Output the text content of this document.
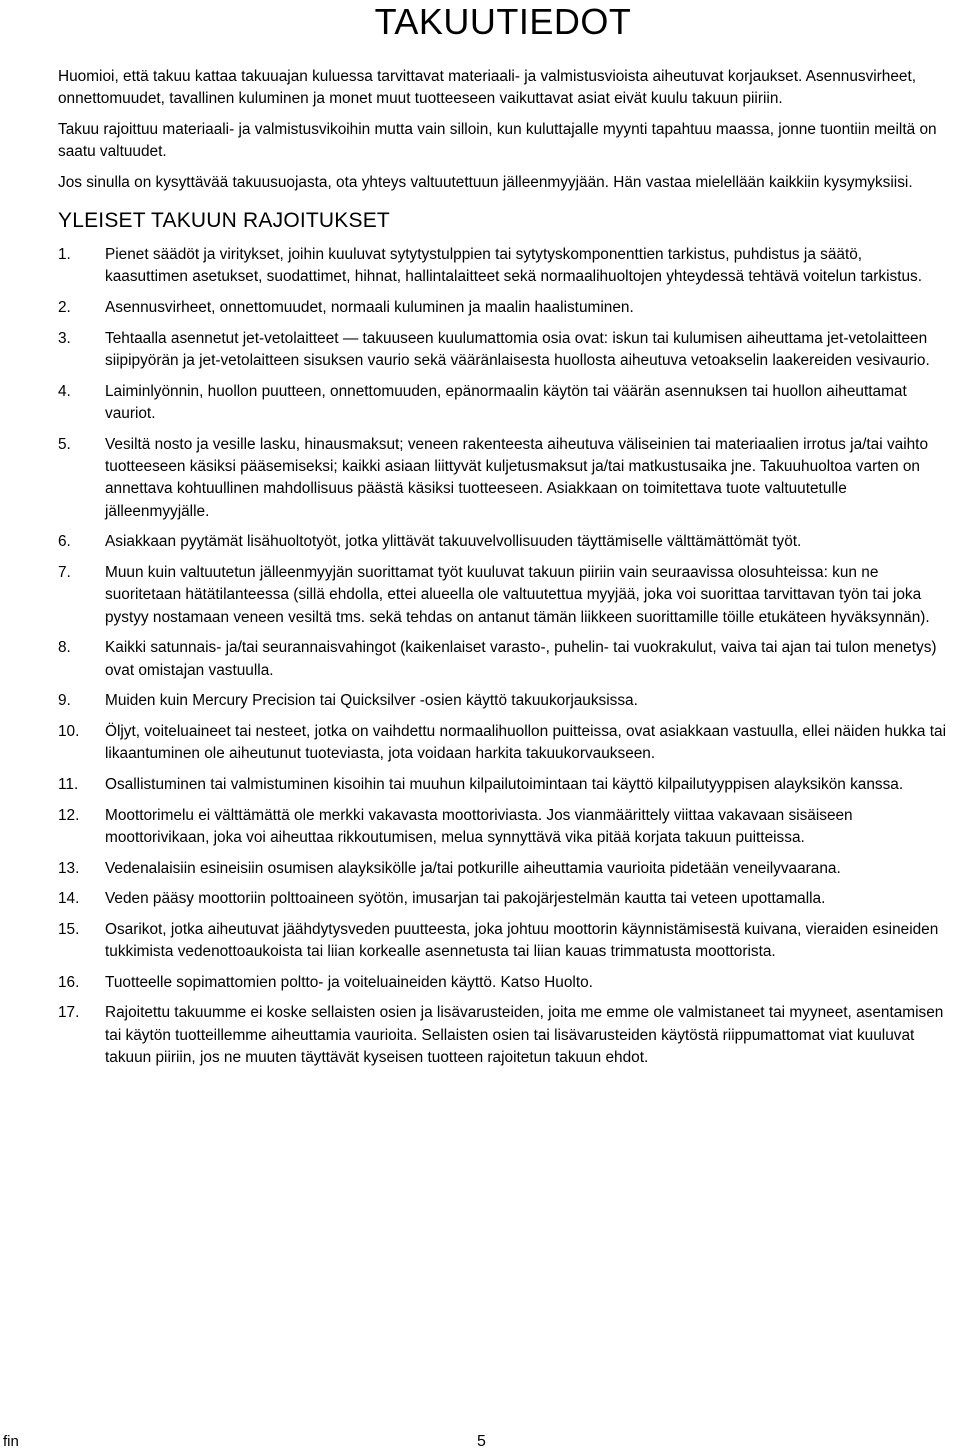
TAKUUTIEDOT

Huomioi, että takuu kattaa takuuajan kuluessa tarvittavat materiaali- ja valmistusvioista aiheutuvat korjaukset. Asennusvirheet, onnettomuudet, tavallinen kuluminen ja monet muut tuotteeseen vaikuttavat asiat eivät kuulu takuun piiriin.

Takuu rajoittuu materiaali- ja valmistusvikoihin mutta vain silloin, kun kuluttajalle myynti tapahtuu maassa, jonne tuontiin meiltä on saatu valtuudet.

Jos sinulla on kysyttävää takuusuojasta, ota yhteys valtuutettuun jälleenmyyjään. Hän vastaa mielellään kaikkiin kysymyksiisi.

YLEISET TAKUUN RAJOITUKSET
1.	Pienet säädöt ja viritykset, joihin kuuluvat sytytystulppien tai sytytyskomponenttien tarkistus, puhdistus ja säätö, kaasuttimen asetukset, suodattimet, hihnat, hallintalaitteet sekä normaalihuoltojen yhteydessä tehtävä voitelun tarkistus.
2.	Asennusvirheet, onnettomuudet, normaali kuluminen ja maalin haalistuminen.
3.	Tehtaalla asennetut jet-vetolaitteet ― takuuseen kuulumattomia osia ovat: iskun tai kulumisen aiheuttama jet-vetolaitteen siipipyörän ja jet-vetolaitteen sisuksen vaurio sekä vääränlaisesta huollosta aiheutuva vetoakselin laakereiden vesivaurio.
4.	Laiminlyönnin, huollon puutteen, onnettomuuden, epänormaalin käytön tai väärän asennuksen tai huollon aiheuttamat vauriot.
5.	Vesiltä nosto ja vesille lasku, hinausmaksut; veneen rakenteesta aiheutuva väliseinien tai materiaalien irrotus ja/tai vaihto tuotteeseen käsiksi pääsemiseksi; kaikki asiaan liittyvät kuljetusmaksut ja/tai matkustusaika jne. Takuuhuoltoa varten on annettava kohtuullinen mahdollisuus päästä käsiksi tuotteeseen. Asiakkaan on toimitettava tuote valtuutetulle jälleenmyyjälle.
6.	Asiakkaan pyytämät lisähuoltotyöt, jotka ylittävät takuuvelvollisuuden täyttämiselle välttämättömät työt.
7.	Muun kuin valtuutetun jälleenmyyjän suorittamat työt kuuluvat takuun piiriin vain seuraavissa olosuhteissa: kun ne suoritetaan hätätilanteessa (sillä ehdolla, ettei alueella ole valtuutettua myyjää, joka voi suorittaa tarvittavan työn tai joka pystyy nostamaan veneen vesiltä tms. sekä tehdas on antanut tämän liikkeen suorittamille töille etukäteen hyväksynnän).
8.	Kaikki satunnais- ja/tai seurannaisvahingot (kaikenlaiset varasto-, puhelin- tai vuokrakulut, vaiva tai ajan tai tulon menetys) ovat omistajan vastuulla.
9.	Muiden kuin Mercury Precision tai Quicksilver -osien käyttö takuukorjauksissa.
10.	Öljyt, voiteluaineet tai nesteet, jotka on vaihdettu normaalihuollon puitteissa, ovat asiakkaan vastuulla, ellei näiden hukka tai likaantuminen ole aiheutunut tuoteviasta, jota voidaan harkita takuukorvaukseen.
11.	Osallistuminen tai valmistuminen kisoihin tai muuhun kilpailutoimintaan tai käyttö kilpailutyyppisen alayksikön kanssa.
12.	Moottorimelu ei välttämättä ole merkki vakavasta moottoriviasta. Jos vianmäärittely viittaa vakavaan sisäiseen moottorivikaan, joka voi aiheuttaa rikkoutumisen, melua synnyttävä vika pitää korjata takuun puitteissa.
13.	Vedenalaisiin esineisiin osumisen alayksikölle ja/tai potkurille aiheuttamia vaurioita pidetään veneilyvaarana.
14.	Veden pääsy moottoriin polttoaineen syötön, imusarjan tai pakojärjestelmän kautta tai veteen upottamalla.
15.	Osarikot, jotka aiheutuvat jäähdytysveden puutteesta, joka johtuu moottorin käynnistämisestä kuivana, vieraiden esineiden tukkimista vedenottoaukoista tai liian korkealle asennetusta tai liian kauas trimmatusta moottorista.
16.	Tuotteelle sopimattomien poltto- ja voiteluaineiden käyttö. Katso Huolto.
17.	Rajoitettu takuumme ei koske sellaisten osien ja lisävarusteiden, joita me emme ole valmistaneet tai myyneet, asentamisen tai käytön tuotteillemme aiheuttamia vaurioita. Sellaisten osien tai lisävarusteiden käytöstä riippumattomat viat kuuluvat takuun piiriin, jos ne muuten täyttävät kyseisen tuotteen rajoitetun takuun ehdot.
fin	5
